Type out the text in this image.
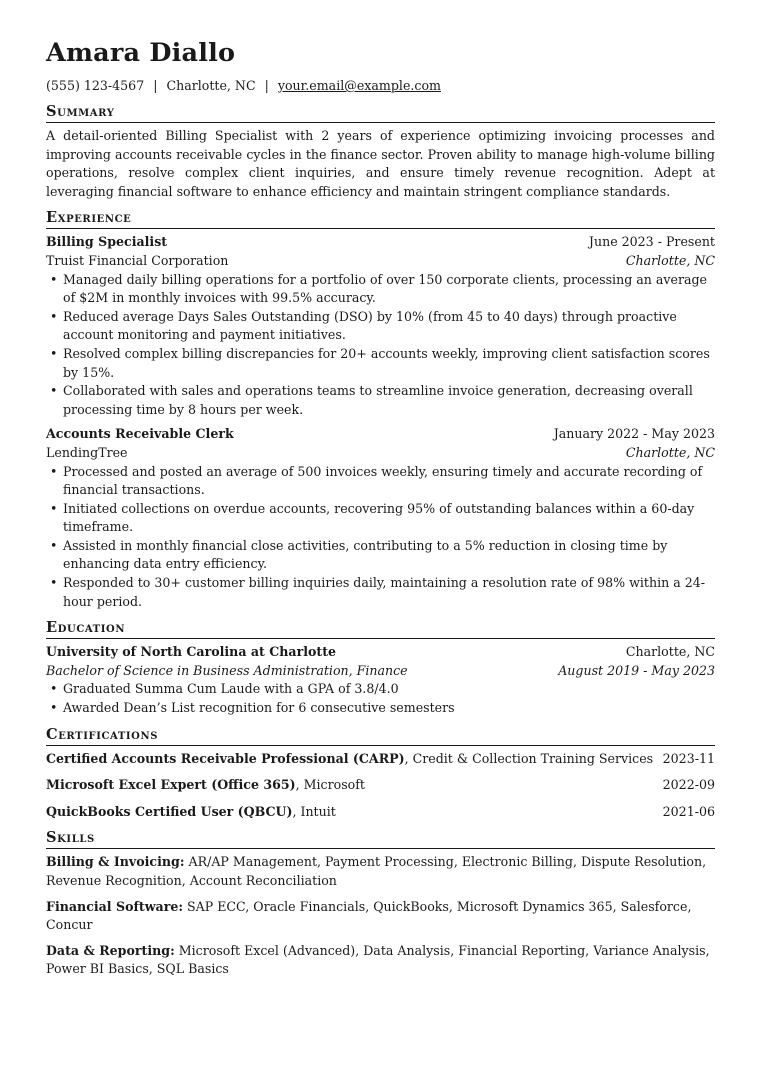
Amara Diallo
(555) 123-4567 | Charlotte, NC | your.email@example.com
Summary

A detail-oriented Billing Specialist with 2 years of experience optimizing invoicing processes and improving accounts receivable cycles in the finance sector. Proven ability to manage high-volume billing operations, resolve complex client inquiries, and ensure timely revenue recognition. Adept at leveraging financial software to enhance efficiency and maintain stringent compliance standards.

Experience
Billing Specialist	June 2023 - Present
Truist Financial Corporation	Charlotte, NC
• Managed daily billing operations for a portfolio of over 150 corporate clients, processing an average of $2M in monthly invoices with 99.5% accuracy.
• Reduced average Days Sales Outstanding (DSO) by 10% (from 45 to 40 days) through proactive account monitoring and payment initiatives.
• Resolved complex billing discrepancies for 20+ accounts weekly, improving client satisfaction scores by 15%.
• Collaborated with sales and operations teams to streamline invoice generation, decreasing overall processing time by 8 hours per week.
Accounts Receivable Clerk	January 2022 - May 2023
LendingTree	Charlotte, NC
• Processed and posted an average of 500 invoices weekly, ensuring timely and accurate recording of financial transactions.
• Initiated collections on overdue accounts, recovering 95% of outstanding balances within a 60-day timeframe.
• Assisted in monthly financial close activities, contributing to a 5% reduction in closing time by enhancing data entry efficiency.
• Responded to 30+ customer billing inquiries daily, maintaining a resolution rate of 98% within a 24-hour period.
Education
University of North Carolina at Charlotte	Charlotte, NC
Bachelor of Science in Business Administration, Finance	August 2019 - May 2023
• Graduated Summa Cum Laude with a GPA of 3.8/4.0
• Awarded Dean’s List recognition for 6 consecutive semesters
Certifications
Certified Accounts Receivable Professional (CARP), Credit & Collection Training Services 2023-11
Microsoft Excel Expert (Office 365), Microsoft	2022-09
QuickBooks Certified User (QBCU), Intuit	2021-06
Skills
Billing & Invoicing: AR/AP Management, Payment Processing, Electronic Billing, Dispute Resolution, Revenue Recognition, Account Reconciliation
Financial Software: SAP ECC, Oracle Financials, QuickBooks, Microsoft Dynamics 365, Salesforce, Concur
Data & Reporting: Microsoft Excel (Advanced), Data Analysis, Financial Reporting, Variance Analysis, Power BI Basics, SQL Basics
